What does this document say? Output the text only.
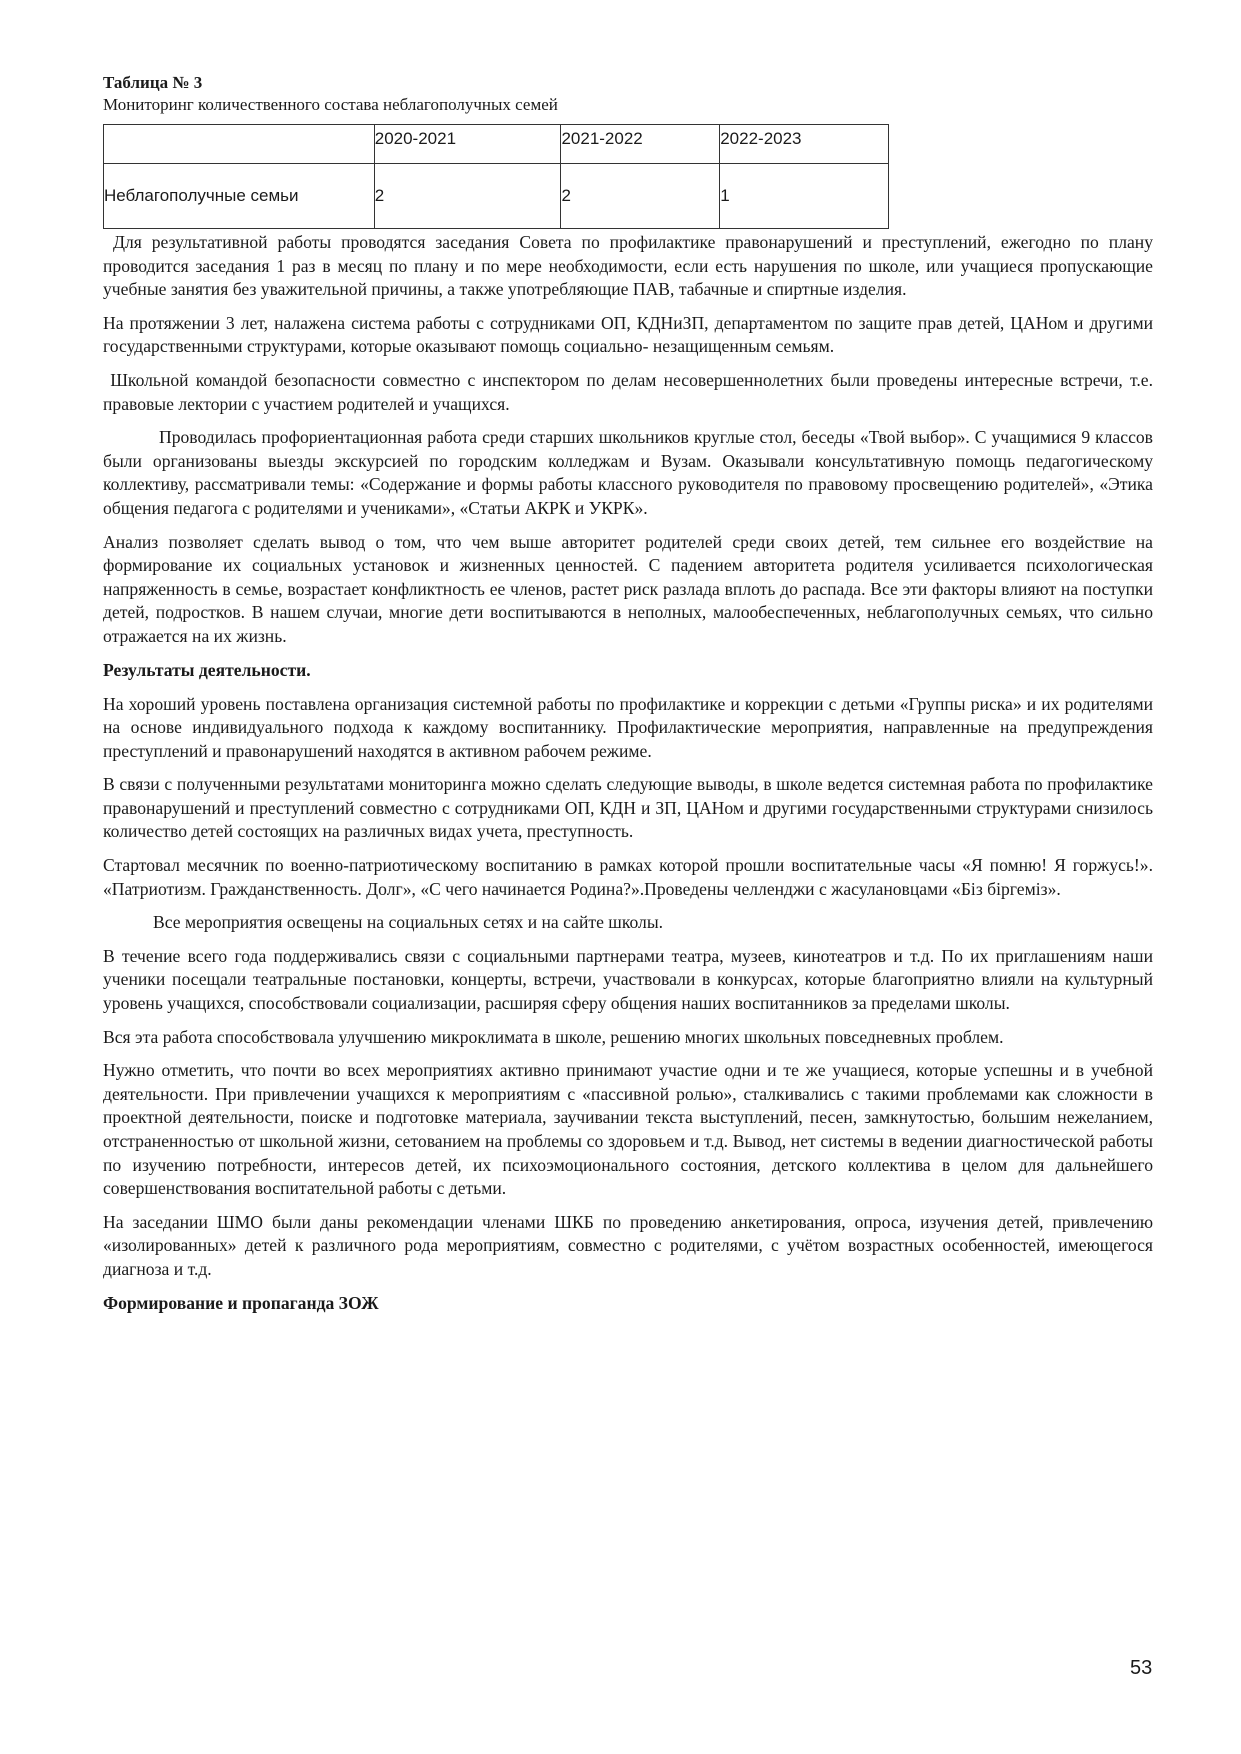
Таблица № 3

Мониторинг количественного состава неблагополучных семей

	2020-2021	2021-2022	2022-2023

Неблагополучные семьи	2	2	1

Для результативной работы проводятся заседания Совета по профилактике правонарушений и преступлений, ежегодно по плану проводится заседания 1 раз в месяц по плану и по мере необходимости, если есть нарушения по школе, или учащиеся пропускающие учебные занятия без уважительной причины, а также употребляющие ПАВ, табачные и спиртные изделия.

На протяжении 3 лет, налажена система работы с сотрудниками ОП, КДНиЗП, департаментом по защите прав детей, ЦАНом и другими государственными структурами, которые оказывают помощь социально- незащищенным семьям.

Школьной командой безопасности совместно с инспектором по делам несовершеннолетних были проведены интересные встречи, т.е. правовые лектории с участием родителей и учащихся.

Проводилась профориентационная работа среди старших школьников круглые стол, беседы «Твой выбор». С учащимися 9 классов были организованы выезды экскурсией по городским колледжам и Вузам. Оказывали консультативную помощь педагогическому коллективу, рассматривали темы: «Содержание и формы работы классного руководителя по правовому просвещению родителей», «Этика общения педагога с родителями и учениками», «Статьи АКРК и УКРК».

Анализ позволяет сделать вывод о том, что чем выше авторитет родителей среди своих детей, тем сильнее его воздействие на формирование их социальных установок и жизненных ценностей. С падением авторитета родителя усиливается психологическая напряженность в семье, возрастает конфликтность ее членов, растет риск разлада вплоть до распада. Все эти факторы влияют на поступки детей, подростков. В нашем случаи, многие дети воспитываются в неполных, малообеспеченных, неблагополучных семьях, что сильно отражается на их жизнь.

Результаты деятельности.

На хороший уровень поставлена организация системной работы по профилактике и коррекции с детьми «Группы риска» и их родителями на основе индивидуального подхода к каждому воспитаннику. Профилактические мероприятия, направленные на предупреждения преступлений и правонарушений находятся в активном рабочем режиме.

В связи с полученными результатами мониторинга можно сделать следующие выводы, в школе ведется системная работа по профилактике правонарушений и преступлений совместно с сотрудниками ОП, КДН и ЗП, ЦАНом и другими государственными структурами снизилось количество детей состоящих на различных видах учета, преступность.

Стартовал месячник по военно-патриотическому воспитанию в рамках которой прошли воспитательные часы «Я помню! Я горжусь!». «Патриотизм. Гражданственность. Долг», «С чего начинается Родина?».Проведены челленджи с жасулановцами «Біз біргеміз».

Все мероприятия освещены на социальных сетях и на сайте школы.

В течение всего года поддерживались связи с социальными партнерами театра, музеев, кинотеатров и т.д. По их приглашениям наши ученики посещали театральные постановки, концерты, встречи, участвовали в конкурсах, которые благоприятно влияли на культурный уровень учащихся, способствовали социализации, расширяя сферу общения наших воспитанников за пределами школы.

Вся эта работа способствовала улучшению микроклимата в школе, решению многих школьных повседневных проблем.

Нужно отметить, что почти во всех мероприятиях активно принимают участие одни и те же учащиеся, которые успешны и в учебной деятельности. При привлечении учащихся к мероприятиям с «пассивной ролью», сталкивались с такими проблемами как сложности в проектной деятельности, поиске и подготовке материала, заучивании текста выступлений, песен, замкнутостью, большим нежеланием, отстраненностью от школьной жизни, сетованием на проблемы со здоровьем и т.д. Вывод, нет системы в ведении диагностической работы по изучению потребности, интересов детей, их психоэмоционального состояния, детского коллектива в целом для дальнейшего совершенствования воспитательной работы с детьми.

На заседании ШМО были даны рекомендации членами ШКБ по проведению анкетирования, опроса, изучения детей, привлечению «изолированных» детей к различного рода мероприятиям, совместно с родителями, с учётом возрастных особенностей, имеющегося диагноза и т.д.

Формирование и пропаганда ЗОЖ
53
